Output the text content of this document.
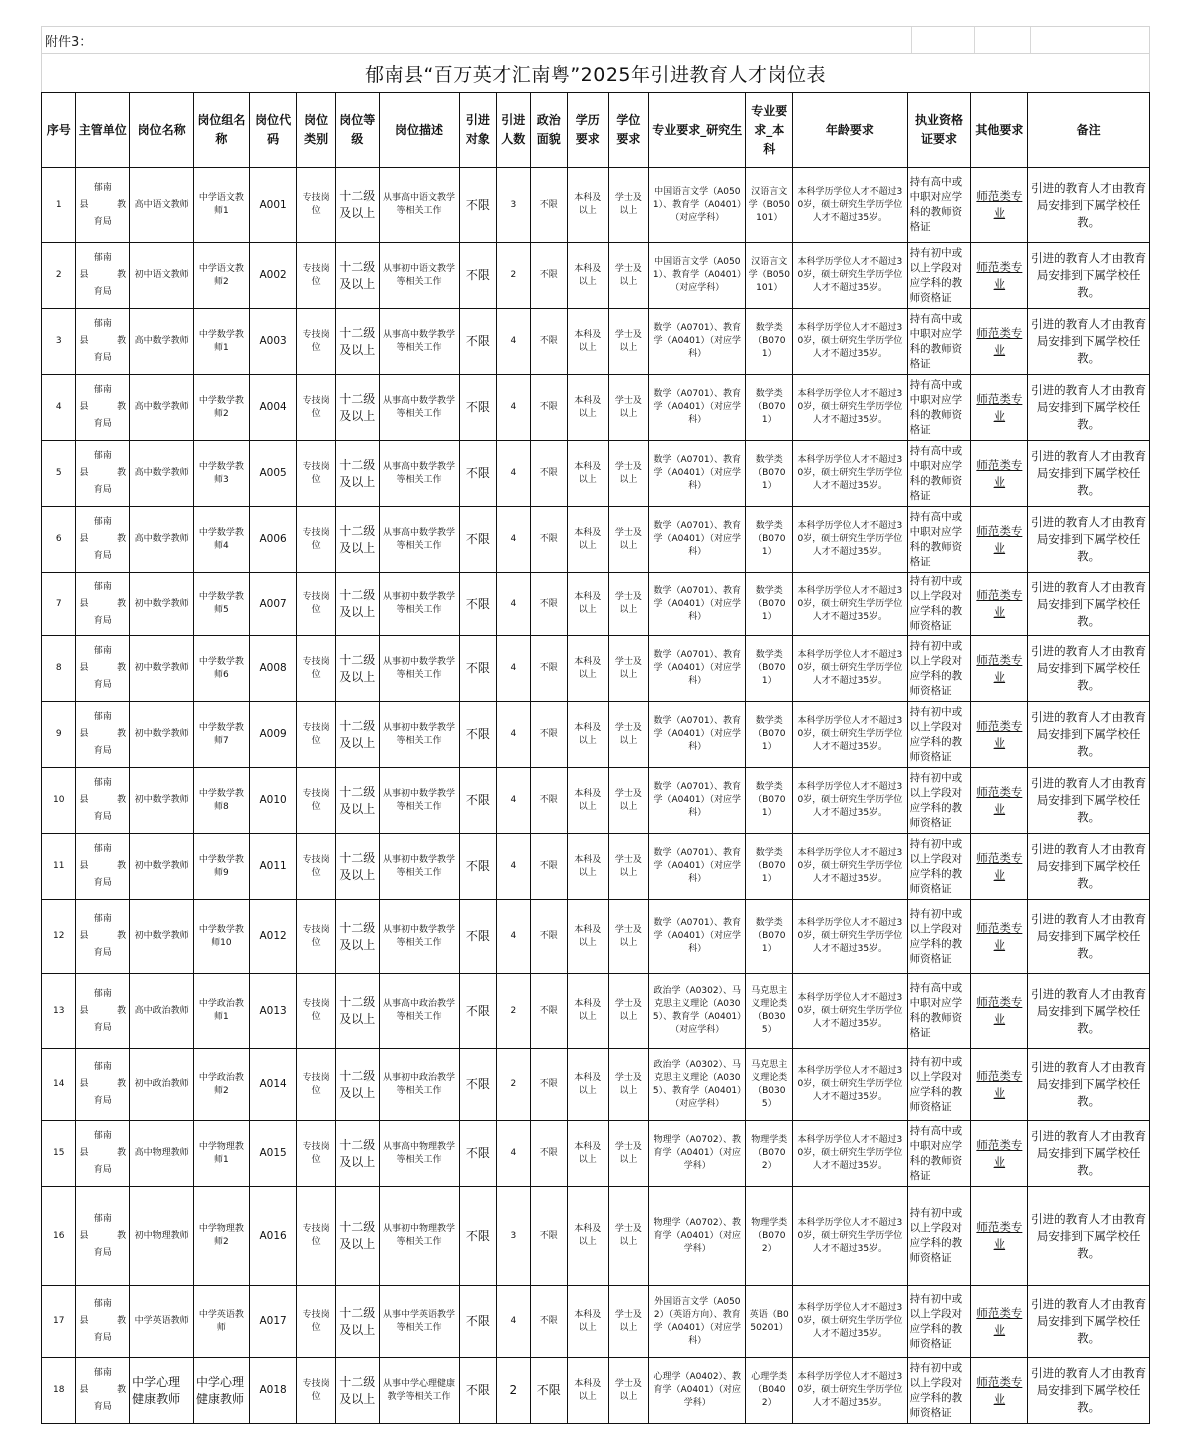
附件3：
郁南县“百万英才汇南粤”2025年引进教育人才岗位表
序号	主管单位	岗位名称	岗位组名称	岗位代码	岗位类别	岗位等级	岗位描述	引进对象	引进人数	政治面貌	学历要求	学位要求	专业要求_研究生	专业要求_本科	年龄要求	执业资格证要求	其他要求	备注
1	郁南
县 教
育局	高中语文教师	中学语文教师1	A001	专技岗位	十二级及以上	从事高中语文教学等相关工作	不限	3	不限	本科及以上	学士及以上	中国语言文学（A0501）、教育学（A0401）（对应学科）	汉语言文学（B050101）	本科学历学位人才不超过30岁，硕士研究生学历学位人才不超过35岁。	持有高中或中职对应学科的教师资格证	师范类专业	引进的教育人才由教育局安排到下属学校任教。
2	郁南
县 教
育局	初中语文教师	中学语文教师2	A002	专技岗位	十二级及以上	从事初中语文教学等相关工作	不限	2	不限	本科及以上	学士及以上	中国语言文学（A0501）、教育学（A0401）（对应学科）	汉语言文学（B050101）	本科学历学位人才不超过30岁，硕士研究生学历学位人才不超过35岁。	持有初中或以上学段对应学科的教师资格证	师范类专业	引进的教育人才由教育局安排到下属学校任教。
3	郁南
县 教
育局	高中数学教师	中学数学教师1	A003	专技岗位	十二级及以上	从事高中数学教学等相关工作	不限	4	不限	本科及以上	学士及以上	数学（A0701）、教育学（A0401）（对应学科）	数学类（B0701）	本科学历学位人才不超过30岁，硕士研究生学历学位人才不超过35岁。	持有高中或中职对应学科的教师资格证	师范类专业	引进的教育人才由教育局安排到下属学校任教。
4	郁南
县 教
育局	高中数学教师	中学数学教师2	A004	专技岗位	十二级及以上	从事高中数学教学等相关工作	不限	4	不限	本科及以上	学士及以上	数学（A0701）、教育学（A0401）（对应学科）	数学类（B0701）	本科学历学位人才不超过30岁，硕士研究生学历学位人才不超过35岁。	持有高中或中职对应学科的教师资格证	师范类专业	引进的教育人才由教育局安排到下属学校任教。
5	郁南
县 教
育局	高中数学教师	中学数学教师3	A005	专技岗位	十二级及以上	从事高中数学教学等相关工作	不限	4	不限	本科及以上	学士及以上	数学（A0701）、教育学（A0401）（对应学科）	数学类（B0701）	本科学历学位人才不超过30岁，硕士研究生学历学位人才不超过35岁。	持有高中或中职对应学科的教师资格证	师范类专业	引进的教育人才由教育局安排到下属学校任教。
6	郁南
县 教
育局	高中数学教师	中学数学教师4	A006	专技岗位	十二级及以上	从事高中数学教学等相关工作	不限	4	不限	本科及以上	学士及以上	数学（A0701）、教育学（A0401）（对应学科）	数学类（B0701）	本科学历学位人才不超过30岁，硕士研究生学历学位人才不超过35岁。	持有高中或中职对应学科的教师资格证	师范类专业	引进的教育人才由教育局安排到下属学校任教。
7	郁南
县 教
育局	初中数学教师	中学数学教师5	A007	专技岗位	十二级及以上	从事初中数学教学等相关工作	不限	4	不限	本科及以上	学士及以上	数学（A0701）、教育学（A0401）（对应学科）	数学类（B0701）	本科学历学位人才不超过30岁，硕士研究生学历学位人才不超过35岁。	持有初中或以上学段对应学科的教师资格证	师范类专业	引进的教育人才由教育局安排到下属学校任教。
8	郁南
县 教
育局	初中数学教师	中学数学教师6	A008	专技岗位	十二级及以上	从事初中数学教学等相关工作	不限	4	不限	本科及以上	学士及以上	数学（A0701）、教育学（A0401）（对应学科）	数学类（B0701）	本科学历学位人才不超过30岁，硕士研究生学历学位人才不超过35岁。	持有初中或以上学段对应学科的教师资格证	师范类专业	引进的教育人才由教育局安排到下属学校任教。
9	郁南
县 教
育局	初中数学教师	中学数学教师7	A009	专技岗位	十二级及以上	从事初中数学教学等相关工作	不限	4	不限	本科及以上	学士及以上	数学（A0701）、教育学（A0401）（对应学科）	数学类（B0701）	本科学历学位人才不超过30岁，硕士研究生学历学位人才不超过35岁。	持有初中或以上学段对应学科的教师资格证	师范类专业	引进的教育人才由教育局安排到下属学校任教。
10	郁南
县 教
育局	初中数学教师	中学数学教师8	A010	专技岗位	十二级及以上	从事初中数学教学等相关工作	不限	4	不限	本科及以上	学士及以上	数学（A0701）、教育学（A0401）（对应学科）	数学类（B0701）	本科学历学位人才不超过30岁，硕士研究生学历学位人才不超过35岁。	持有初中或以上学段对应学科的教师资格证	师范类专业	引进的教育人才由教育局安排到下属学校任教。
11	郁南
县 教
育局	初中数学教师	中学数学教师9	A011	专技岗位	十二级及以上	从事初中数学教学等相关工作	不限	4	不限	本科及以上	学士及以上	数学（A0701）、教育学（A0401）（对应学科）	数学类（B0701）	本科学历学位人才不超过30岁，硕士研究生学历学位人才不超过35岁。	持有初中或以上学段对应学科的教师资格证	师范类专业	引进的教育人才由教育局安排到下属学校任教。
12	郁南
县 教
育局	初中数学教师	中学数学教师10	A012	专技岗位	十二级及以上	从事初中数学教学等相关工作	不限	4	不限	本科及以上	学士及以上	数学（A0701）、教育学（A0401）（对应学科）	数学类（B0701）	本科学历学位人才不超过30岁，硕士研究生学历学位人才不超过35岁。	持有初中或以上学段对应学科的教师资格证	师范类专业	引进的教育人才由教育局安排到下属学校任教。
13	郁南
县 教
育局	高中政治教师	中学政治教师1	A013	专技岗位	十二级及以上	从事高中政治教学等相关工作	不限	2	不限	本科及以上	学士及以上	政治学（A0302）、马克思主义理论（A0305）、教育学（A0401）（对应学科）	马克思主义理论类（B0305）	本科学历学位人才不超过30岁，硕士研究生学历学位人才不超过35岁。	持有高中或中职对应学科的教师资格证	师范类专业	引进的教育人才由教育局安排到下属学校任教。
14	郁南
县 教
育局	初中政治教师	中学政治教师2	A014	专技岗位	十二级及以上	从事初中政治教学等相关工作	不限	2	不限	本科及以上	学士及以上	政治学（A0302）、马克思主义理论（A0305）、教育学（A0401）（对应学科）	马克思主义理论类（B0305）	本科学历学位人才不超过30岁，硕士研究生学历学位人才不超过35岁。	持有初中或以上学段对应学科的教师资格证	师范类专业	引进的教育人才由教育局安排到下属学校任教。
15	郁南
县 教
育局	高中物理教师	中学物理教师1	A015	专技岗位	十二级及以上	从事高中物理教学等相关工作	不限	4	不限	本科及以上	学士及以上	物理学（A0702）、教育学（A0401）（对应学科）	物理学类（B0702）	本科学历学位人才不超过30岁，硕士研究生学历学位人才不超过35岁。	持有高中或中职对应学科的教师资格证	师范类专业	引进的教育人才由教育局安排到下属学校任教。
16	郁南
县 教
育局	初中物理教师	中学物理教师2	A016	专技岗位	十二级及以上	从事初中物理教学等相关工作	不限	3	不限	本科及以上	学士及以上	物理学（A0702）、教育学（A0401）（对应学科）	物理学类（B0702）	本科学历学位人才不超过30岁，硕士研究生学历学位人才不超过35岁。	持有初中或以上学段对应学科的教师资格证	师范类专业	引进的教育人才由教育局安排到下属学校任教。
17	郁南
县 教
育局	中学英语教师	中学英语教师	A017	专技岗位	十二级及以上	从事中学英语教学等相关工作	不限	4	不限	本科及以上	学士及以上	外国语言文学（A0502）（英语方向）、教育学（A0401）（对应学科）	英语（B050201）	本科学历学位人才不超过30岁，硕士研究生学历学位人才不超过35岁。	持有初中或以上学段对应学科的教师资格证	师范类专业	引进的教育人才由教育局安排到下属学校任教。
18	郁南
县 教
育局	中学心理健康教师	中学心理健康教师	A018	专技岗位	十二级及以上	从事中学心理健康教学等相关工作	不限	2	不限	本科及以上	学士及以上	心理学（A0402）、教育学（A0401）（对应学科）	心理学类（B0402）	本科学历学位人才不超过30岁，硕士研究生学历学位人才不超过35岁。	持有初中或以上学段对应学科的教师资格证	师范类专业	引进的教育人才由教育局安排到下属学校任教。
